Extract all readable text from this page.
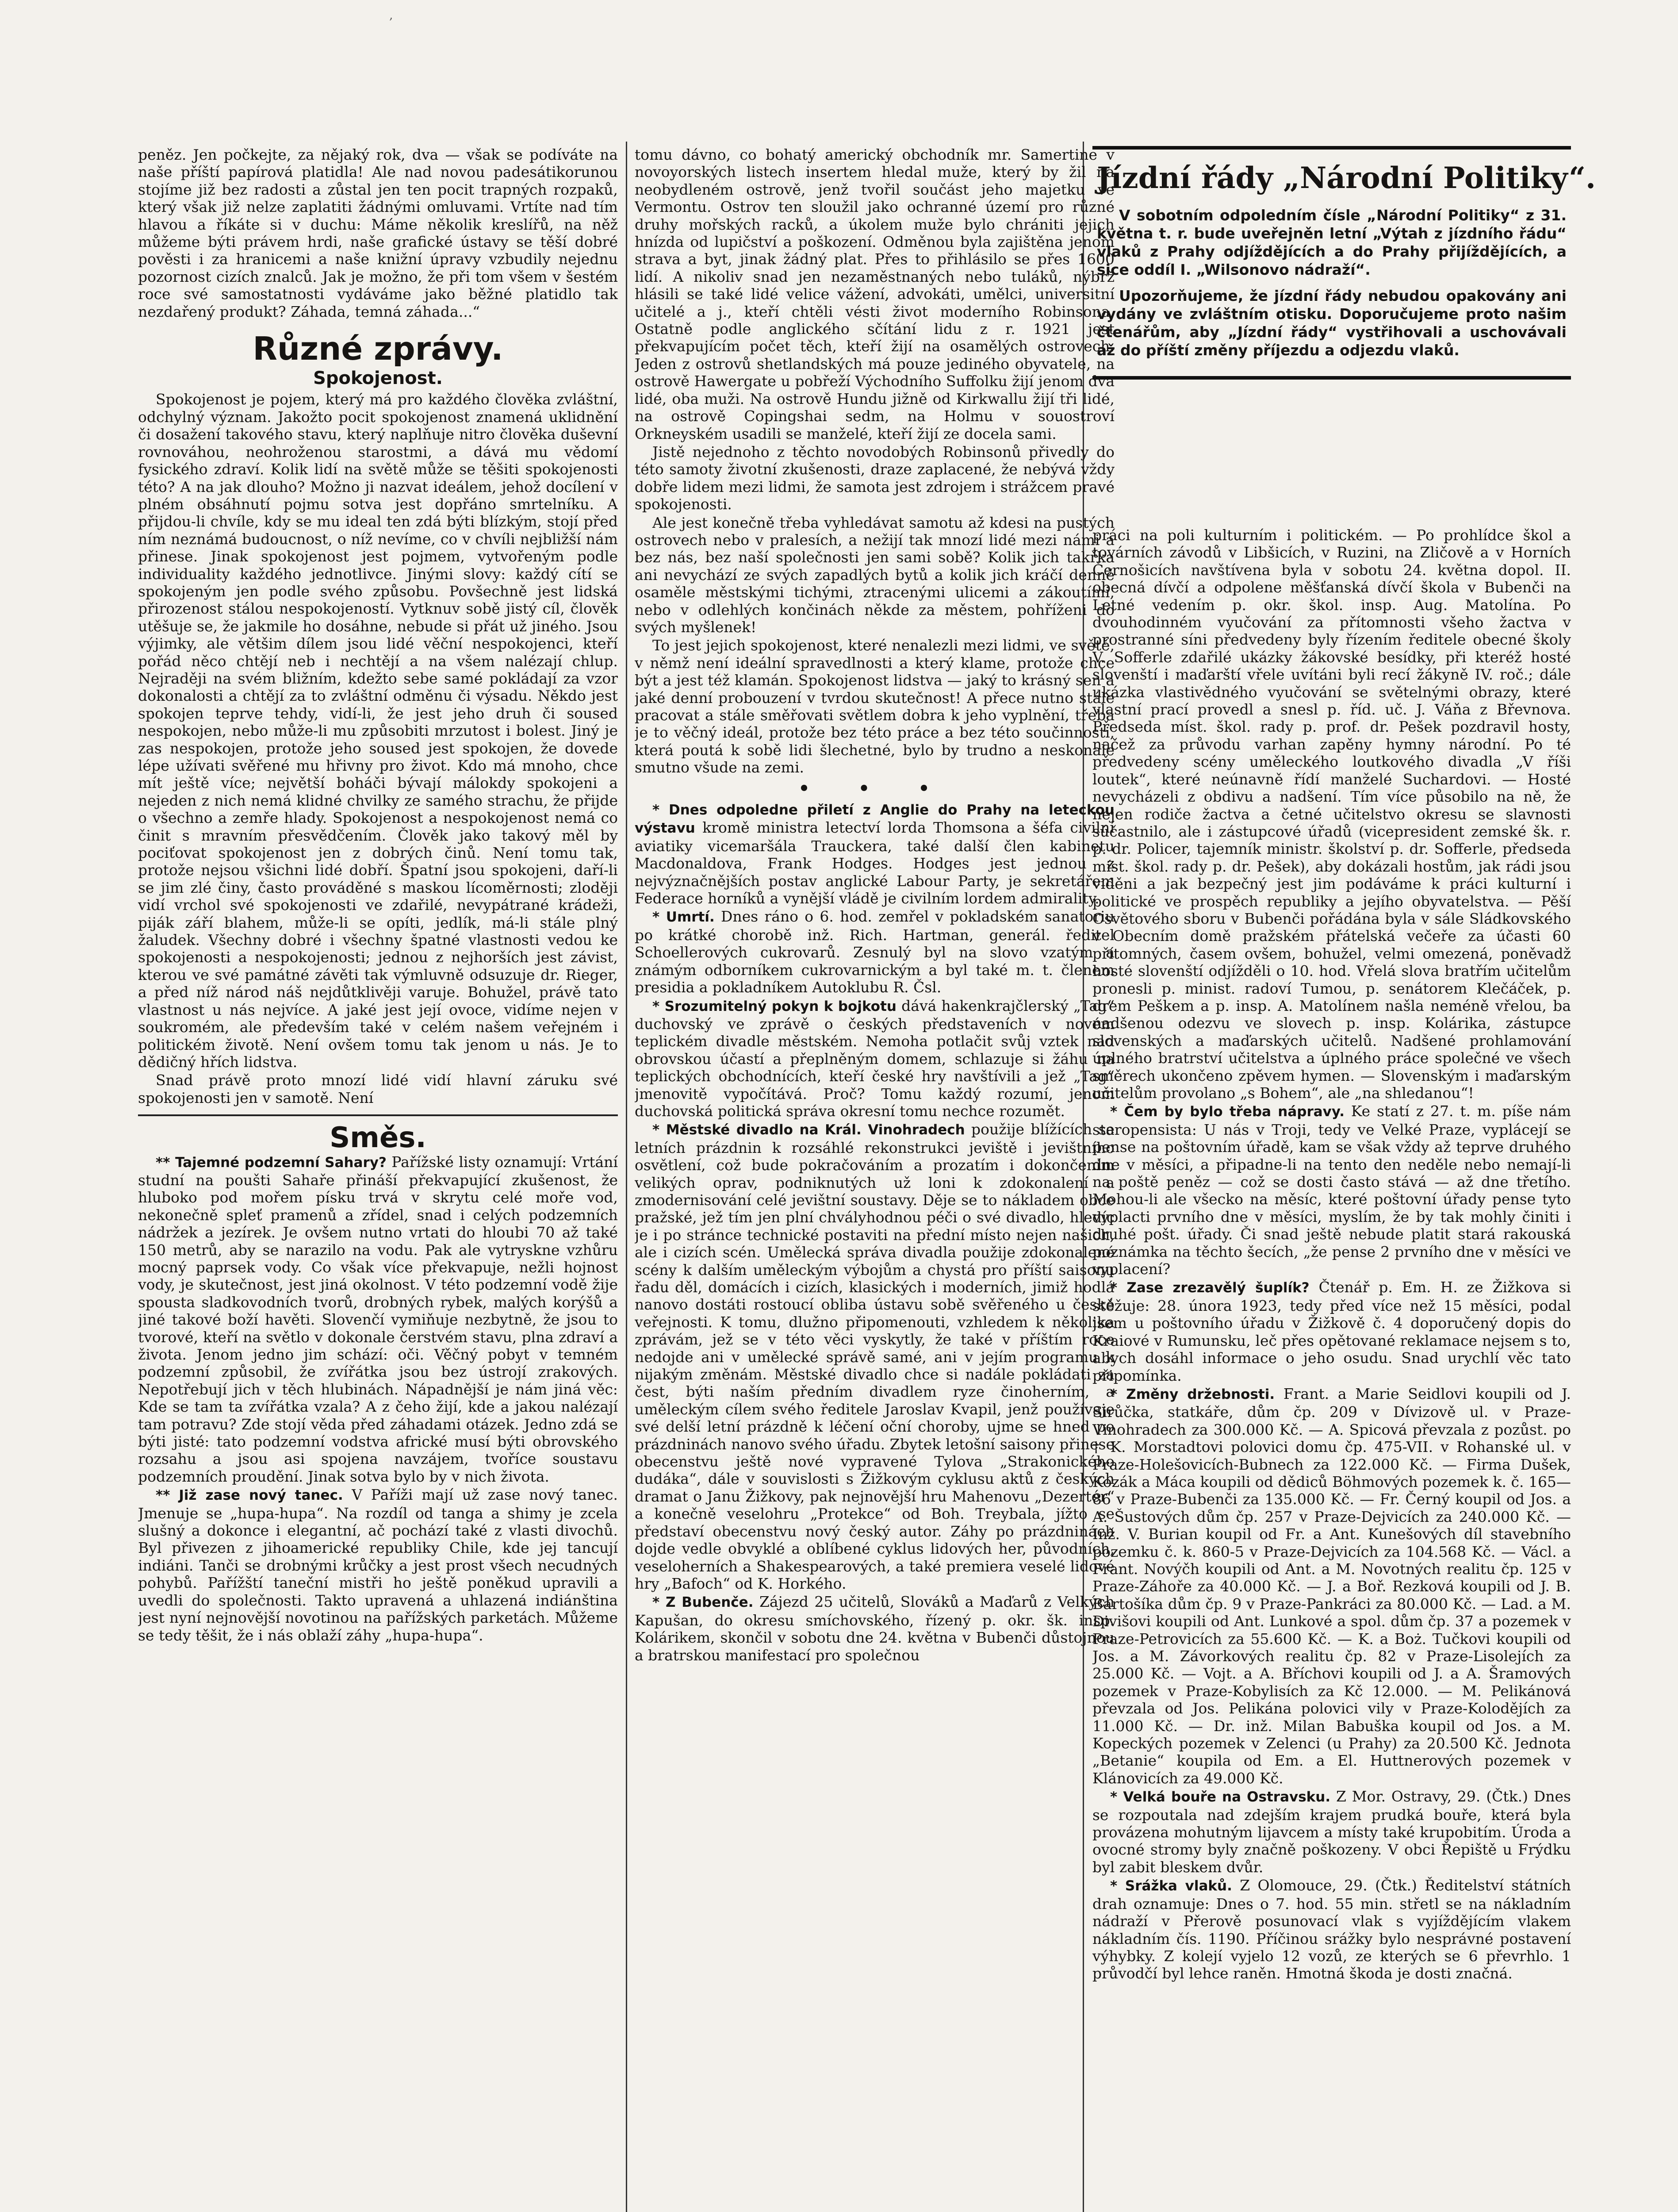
peněz. Jen počkejte, za nějaký rok, dva — však se podíváte na naše příští papírová platidla! Ale nad novou padesátikorunou stojíme již bez radosti a zůstal jen ten pocit trapných rozpaků, který však již nelze zaplatiti žádnými omluvami. Vrtíte nad tím hlavou a říkáte si v duchu: Máme několik kreslířů, na něž můžeme býti právem hrdi, naše grafické ústavy se těší dobré pověsti i za hranicemi a naše knižní úpravy vzbudily nejednu pozornost cizích znalců. Jak je možno, že při tom všem v šestém roce své samostatnosti vydáváme jako běžné platidlo tak nezdařený produkt? Záhada, temná záhada...“

Různé zprávy.
Spokojenost.

Spokojenost je pojem, který má pro každého člověka zvláštní, odchylný význam. Jakožto pocit spokojenost znamená uklidnění či dosažení takového stavu, který naplňuje nitro člověka duševní rovnováhou, neohroženou starostmi, a dává mu vědomí fysického zdraví. Kolik lidí na světě může se těšiti spokojenosti této? A na jak dlouho? Možno ji nazvat ideálem, jehož docílení v plném obsáhnutí pojmu sotva jest dopřáno smrtelníku. A přijdou-li chvíle, kdy se mu ideal ten zdá býti blízkým, stojí před ním neznámá budoucnost, o níž nevíme, co v chvíli nejbližší nám přinese. Jinak spokojenost jest pojmem, vytvořeným podle individuality každého jednotlivce. Jinými slovy: každý cítí se spokojeným jen podle svého způsobu. Povšechně jest lidská přirozenost stálou nespokojeností. Vytknuv sobě jistý cíl, člověk utěšuje se, že jakmile ho dosáhne, nebude si přát už jiného. Jsou výjimky, ale většim dílem jsou lidé věční nespokojenci, kteří pořád něco chtějí neb i nechtějí a na všem nalézají chlup. Nejraději na svém bližním, kdežto sebe samé pokládají za vzor dokonalosti a chtějí za to zvláštní odměnu či výsadu. Někdo jest spokojen teprve tehdy, vidí-li, že jest jeho druh či soused nespokojen, nebo může-li mu způsobiti mrzutost i bolest. Jiný je zas nespokojen, protože jeho soused jest spokojen, že dovede lépe užívati svěřené mu hřivny pro život. Kdo má mnoho, chce mít ještě více; největší boháči bývají málokdy spokojeni a nejeden z nich nemá klidné chvilky ze samého strachu, že přijde o všechno a zemře hlady. Spokojenost a nespokojenost nemá co činit s mravním přesvědčením. Člověk jako takový měl by pociťovat spokojenost jen z dobrých činů. Není tomu tak, protože nejsou všichni lidé dobří. Špatní jsou spokojeni, daří-li se jim zlé činy, často prováděné s maskou lícoměrnosti; zloději vidí vrchol své spokojenosti ve zdařilé, nevypátrané krádeži, piják září blahem, může-li se opíti, jedlík, má-li stále plný žaludek. Všechny dobré i všechny špatné vlastnosti vedou ke spokojenosti a nespokojenosti; jednou z nejhorších jest závist, kterou ve své památné závěti tak výmluvně odsuzuje dr. Rieger, a před níž národ náš nejdůtklivěji varuje. Bohužel, právě tato vlastnost u nás nejvíce. A jaké jest její ovoce, vidíme nejen v soukromém, ale především také v celém našem veřejném i politickém životě. Není ovšem tomu tak jenom u nás. Je to dědičný hřích lidstva.

Snad právě proto mnozí lidé vidí hlavní záruku své spokojenosti jen v samotě. Není

Směs.

** Tajemné podzemní Sahary? Pařížské listy oznamují: Vrtání studní na poušti Sahaře přináší překvapující zkušenost, že hluboko pod mořem písku trvá v skrytu celé moře vod, nekonečně spleť pramenů a zřídel, snad i celých podzemních nádržek a jezírek. Je ovšem nutno vrtati do hloubi 70 až také 150 metrů, aby se narazilo na vodu. Pak ale vytryskne vzhůru mocný paprsek vody. Co však více překvapuje, nežli hojnost vody, je skutečnost, jest jiná okolnost. V této podzemní vodě žije spousta sladkovodních tvorů, drobných rybek, malých korýšů a jiné takové boží havěti. Slovenčí vymiňuje nezbytně, že jsou to tvorové, kteří na světlo v dokonale čerstvém stavu, plna zdraví a života. Jenom jedno jim schází: oči. Věčný pobyt v temném podzemní způsobil, že zvířátka jsou bez ústrojí zrakových. Nepotřebují jich v těch hlubinách. Nápadnější je nám jiná věc: Kde se tam ta zvířátka vzala? A z čeho žijí, kde a jakou nalézají tam potravu? Zde stojí věda před záhadami otázek. Jedno zdá se býti jisté: tato podzemní vodstva africké musí býti obrovského rozsahu a jsou asi spojena navzájem, tvoříce soustavu podzemních proudění. Jinak sotva bylo by v nich života.

** Již zase nový tanec. V Paříži mají už zase nový tanec. Jmenuje se „hupa-hupa“. Na rozdíl od tanga a shimy je zcela slušný a dokonce i elegantní, ač pochází také z vlasti divochů. Byl přivezen z jihoamerické republiky Chile, kde jej tancují indiáni. Tanči se drobnými krůčky a jest prost všech necudných pohybů. Pařížští taneční mistři ho ještě poněkud upravili a uvedli do společnosti. Takto upravená a uhlazená indiánština jest nyní nejnovější novotinou na pařížských parketách. Můžeme se tedy těšit, že i nás oblaží záhy „hupa-hupa“.

tomu dávno, co bohatý americký obchodník mr. Samertine v novoyorských listech insertem hledal muže, který by žil na neobydleném ostrově, jenž tvořil součást jeho majetku ve Vermontu. Ostrov ten sloužil jako ochranné území pro různé druhy mořských racků, a úkolem muže bylo chrániti jejich hnízda od lupičství a poškození. Odměnou byla zajištěna jenom strava a byt, jinak žádný plat. Přes to přihlásilo se přes 1600 lidí. A nikoliv snad jen nezaměstnaných nebo tuláků, nýbrž hlásili se také lidé velice vážení, advokáti, umělci, universitní učitelé a j., kteří chtěli vésti život moderního Robinsona. Ostatně podle anglického sčítání lidu z r. 1921 jest překvapujícím počet těch, kteří žijí na osamělých ostrovech. Jeden z ostrovů shetlandských má pouze jediného obyvatele, na ostrově Hawergate u pobřeží Východního Suffolku žijí jenom dva lidé, oba muži. Na ostrově Hundu jižně od Kirkwallu žijí tři lidé, na ostrově Copingshai sedm, na Holmu v souostroví Orkneyském usadili se manželé, kteří žijí ze docela sami.

Jistě nejednoho z těchto novodobých Robinsonů přivedly do této samoty životní zkušenosti, draze zaplacené, že nebývá vždy dobře lidem mezi lidmi, že samota jest zdrojem i strážcem pravé spokojenosti.

Ale jest konečně třeba vyhledávat samotu až kdesi na pustých ostrovech nebo v pralesích, a nežijí tak mnozí lidé mezi námi a bez nás, bez naší společnosti jen sami sobě? Kolik jich takřka ani nevychází ze svých zapadlých bytů a kolik jich kráčí denně osaměle městskými tichými, ztracenými ulicemi a zákoutími, nebo v odlehlých končinách někde za městem, pohříženi do svých myšlenek!

To jest jejich spokojenost, které nenalezli mezi lidmi, ve světě, v němž není ideální spravedlnosti a který klame, protože chce být a jest též klamán. Spokojenost lidstva — jaký to krásný sen a jaké denní probouzení v tvrdou skutečnost! A přece nutno stále pracovat a stále směřovati světlem dobra k jeho vyplnění, třeba je to věčný ideál, protože bez této práce a bez této součinnosti, která poutá k sobě lidi šlechetné, bylo by trudno a neskonale smutno všude na zemi.

• • •

* Dnes odpoledne přiletí z Anglie do Prahy na leteckou výstavu kromě ministra letectví lorda Thomsona a šéfa civilní aviatiky vicemaršála Trauckera, také další člen kabinetu Macdonaldova, Frank Hodges. Hodges jest jednou z nejvýznačnějších postav anglické Labour Party, je sekretářem Federace horníků a vynější vládě je civilním lordem admirality.

* Umrtí. Dnes ráno o 6. hod. zemřel v pokladském sanatoriu po krátké chorobě inž. Rich. Hartman, generál. ředitel Schoellerových cukrovarů. Zesnulý byl na slovo vzatým a známým odborníkem cukrovarnickým a byl také m. t. členem presidia a pokladníkem Autoklubu R. Čsl.

* Srozumitelný pokyn k bojkotu dává hakenkrajčlerský „Tag“ duchovský ve zprávě o českých představeních v novém teplickém divadle městském. Nemoha potlačit svůj vztek nad obrovskou účastí a přeplněným domem, schlazuje si žáhu na teplických obchodnících, kteří české hry navštívili a jež „Tag“ jmenovitě vypočítává. Proč? Tomu každý rozumí, jenom duchovská politická správa okresní tomu nechce rozumět.

* Městské divadlo na Král. Vinohradech použije blížících se letních prázdnin k rozsáhlé rekonstrukci jeviště i jevištního osvětlení, což bude pokračováním a prozatím i dokončením velikých oprav, podniknutých už loni k zdokonalení a zmodernisování celé jevištní soustavy. Děje se to nákladem obce pražské, jež tím jen plní chvályhodnou péči o své divadlo, hledíc je i po stránce technické postaviti na přední místo nejen našich, ale i cizích scén. Umělecká správa divadla použije zdokonalené scény k dalším uměleckým výbojům a chystá pro příští saisonu řadu děl, domácích i cizích, klasických i moderních, jimiž hodlá nanovo dostáti rostoucí obliba ústavu sobě svěřeného u české veřejnosti. K tomu, dlužno připomenouti, vzhledem k několika zprávám, jež se v této věci vyskytly, že také v příštím roce nedojde ani v umělecké správě samé, ani v jejím programu k nijakým změnám. Městské divadlo chce si nadále pokládati za čest, býti naším předním divadlem ryze činoherním, a uměleckým cílem svého ředitele Jaroslav Kvapil, jenž používaje své delší letní prázdně k léčení oční choroby, ujme se hned po prázdninách nanovo svého úřadu. Zbytek letošní saisony přinese obecenstvu ještě nové vypravené Tylova „Strakonického dudáka“, dále v souvislosti s Žižkovým cyklusu aktů z českých dramat o Janu Žižkovy, pak nejnovější hru Mahenovu „Dezertér“ a konečně veselohru „Protekce“ od Boh. Treybala, jížto se představí obecenstvu nový český autor. Záhy po prázdninách dojde vedle obvyklé a oblíbené cyklus lidových her, původních, veseloherních a Shakespearových, a také premiera veselé lidové hry „Bafoch“ od K. Horkého.

* Z Bubenče. Zájezd 25 učitelů, Slováků a Maďarů z Velkých Kapušan, do okresu smíchovského, řízený p. okr. šk. insp. Kolárikem, skončil v sobotu dne 24. května v Bubenči důstojnou a bratrskou manifestací pro společnou

Jízdní řády „Národní Politiky“.

V sobotním odpoledním čísle „Národní Politiky“ z 31. května t. r. bude uveřejněn letní „Výtah z jízdního řádu“ vlaků z Prahy odjíždějících a do Prahy přijíždějících, a sice oddíl I. „Wilsonovo nádraží“.

Upozorňujeme, že jízdní řády nebudou opakovány ani vydány ve zvláštním otisku. Doporučujeme proto našim čtenářům, aby „Jízdní řády“ vystřihovali a uschovávali až do příští změny příjezdu a odjezdu vlaků.

práci na poli kulturním i politickém. — Po prohlídce škol a továrních závodů v Libšicích, v Ruzini, na Zličově a v Horních Černošicích navštívena byla v sobotu 24. května dopol. II. obecná dívčí a odpolene měšťanská dívčí škola v Bubenči na Letné vedením p. okr. škol. insp. Aug. Matolína. Po dvouhodinném vyučování za přítomnosti všeho žactva v prostranné síni předvedeny byly řízením ředitele obecné školy V. Sofferle zdařilé ukázky žákovské besídky, při kteréž hosté slovenští i maďarští vřele uvítáni byli recí žákyně IV. roč.; dále ukázka vlastivědného vyučování se světelnými obrazy, které vlastní prací provedl a snesl p. říd. uč. J. Váňa z Břevnova. Předseda míst. škol. rady p. prof. dr. Pešek pozdravil hosty, načež za průvodu varhan zapěny hymny národní. Po té předvedeny scény uměleckého loutkového divadla „V říši loutek“, které neúnavně řídí manželé Suchardovi. — Hosté nevycházeli z obdivu a nadšení. Tím více působilo na ně, že nejen rodiče žactva a četné učitelstvo okresu se slavnosti súčastnilo, ale i zástupcové úřadů (vicepresident zemské šk. r. p. dr. Policer, tajemník ministr. školství p. dr. Sofferle, předseda míst. škol. rady p. dr. Pešek), aby dokázali hostům, jak rádi jsou viděni a jak bezpečný jest jim podáváme k práci kulturní i politické ve prospěch republiky a jejího obyvatelstva. — Pěší Osvětového sboru v Bubenči pořádána byla v sále Sládkovského v Obecním domě pražském přátelská večeře za účasti 60 přítomných, časem ovšem, bohužel, velmi omezená, poněvadž hosté slovenští odjížděli o 10. hod. Vřelá slova bratřím učitelům pronesli p. minist. radoví Tumou, p. senátorem Klečáček, p. drem Peškem a p. insp. A. Matolínem našla neméně vřelou, ba nadšenou odezvu ve slovech p. insp. Kolárika, zástupce slovenských a maďarských učitelů. Nadšené prohlamování úplného bratrství učitelstva a úplného práce společné ve všech směrech ukončeno zpěvem hymen. — Slovenským i maďarským učitelům provolano „s Bohem“, ale „na shledanou“!

* Čem by bylo třeba nápravy. Ke statí z 27. t. m. píše nám staropensista: U nás v Troji, tedy ve Velké Praze, vyplácejí se pense na poštovním úřadě, kam se však vždy až teprve druhého dne v měsíci, a připadne-li na tento den neděle nebo nemají-li na poště peněz — což se dosti často stává — až dne třetího. Mohou-li ale všecko na měsíc, které poštovní úřady pense tyto vyplacti prvního dne v měsíci, myslím, že by tak mohly činiti i druhé pošt. úřady. Či snad ještě nebude platit stará rakouská poznámka na těchto šecích, „že pense 2 prvního dne v měsíci ve vyplacení?

* Zase zrezavělý šuplík? Čtenář p. Em. H. ze Žižkova si stěžuje: 28. února 1923, tedy před více než 15 měsíci, podal jsem u poštovního úřadu v Žižkově č. 4 doporučený dopis do Kraiové v Rumunsku, leč přes opětované reklamace nejsem s to, abych dosáhl informace o jeho osudu. Snad urychlí věc tato připomínka.

* Změny držebnosti. Frant. a Marie Seidlovi koupili od J. Sirůčka, statkáře, dům čp. 209 v Dívizově ul. v Praze-Vinohradech za 300.000 Kč. — A. Spicová převzala z pozůst. po † K. Morstadtovi polovici domu čp. 475-VII. v Rohanské ul. v Praze-Holešovicích-Bubnech za 122.000 Kč. — Firma Dušek, Kozák a Máca koupili od dědiců Böhmových pozemek k. č. 165—86 v Praze-Bubenči za 135.000 Kč. — Fr. Černý koupil od Jos. a A. Šustových dům čp. 257 v Praze-Dejvicích za 240.000 Kč. — Inž. V. Burian koupil od Fr. a Ant. Kunešových díl stavebního pozemku č. k. 860-5 v Praze-Dejvicích za 104.568 Kč. — Václ. a Frant. Novýčh koupili od Ant. a M. Novotných realitu čp. 125 v Praze-Záhoře za 40.000 Kč. — J. a Boř. Rezková koupili od J. B. Bartošíka dům čp. 9 v Praze-Pankráci za 80.000 Kč. — Lad. a M. Divišovi koupili od Ant. Lunkové a spol. dům čp. 37 a pozemek v Praze-Petrovicích za 55.600 Kč. — K. a Boż. Tučkovi koupili od Jos. a M. Závorkových realitu čp. 82 v Praze-Lisolejích za 25.000 Kč. — Vojt. a A. Bříchovi koupili od J. a A. Šramových pozemek v Praze-Kobylisích za Kč 12.000. — M. Pelikánová převzala od Jos. Pelikána polovici vily v Praze-Kolodějích za 11.000 Kč. — Dr. inž. Milan Babuška koupil od Jos. a M. Kopeckých pozemek v Zelenci (u Prahy) za 20.500 Kč. Jednota „Betanie“ koupila od Em. a El. Huttnerových pozemek v Klánovicích za 49.000 Kč.

* Velká bouře na Ostravsku. Z Mor. Ostravy, 29. (Čtk.) Dnes se rozpoutala nad zdejším krajem prudká bouře, která byla provázena mohutným lijavcem a místy také krupobitím. Úroda a ovocné stromy byly značně poškozeny. V obci Řepiště u Frýdku byl zabit bleskem dvůr.

* Srážka vlaků. Z Olomouce, 29. (Čtk.) Ředitelství státních drah oznamuje: Dnes o 7. hod. 55 min. střetl se na nákladním nádraží v Přerově posunovací vlak s vyjíždějícím vlakem nákladním čís. 1190. Příčinou srážky bylo nesprávné postavení výhybky. Z kolejí vyjelo 12 vozů, ze kterých se 6 převrhlo. 1 průvodčí byl lehce raněn. Hmotná škoda je dosti značná.

‚
